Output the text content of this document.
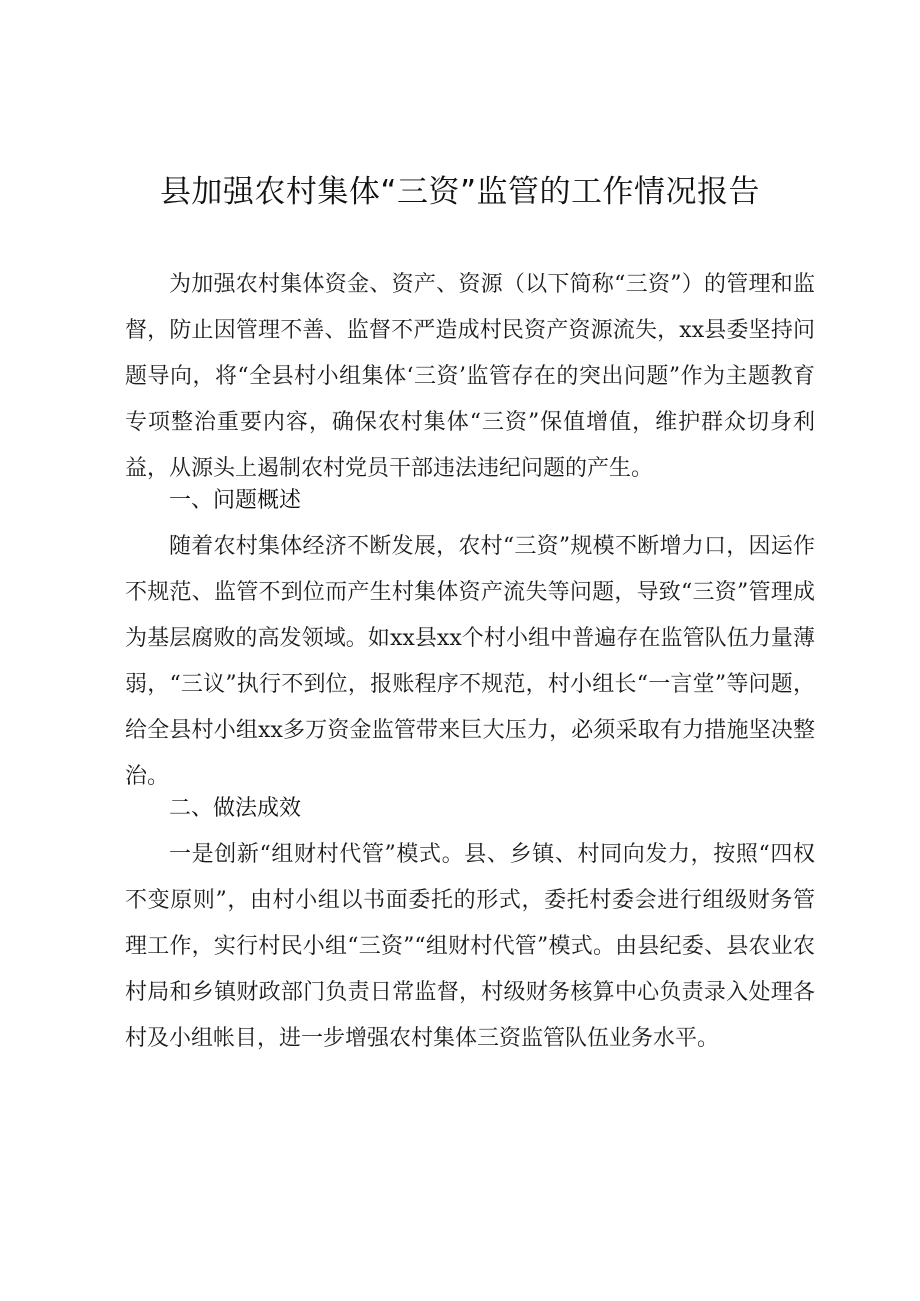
县加强农村集体“三资”监管的工作情况报告

为加强农村集体资金、资产、资源（以下简称“三资”）的管理和监督，防止因管理不善、监督不严造成村民资产资源流失，xx县委坚持问题导向，将“全县村小组集体‘三资’监管存在的突出问题”作为主题教育专项整治重要内容，确保农村集体“三资”保值增值，维护群众切身利益，从源头上遏制农村党员干部违法违纪问题的产生。

一、问题概述

随着农村集体经济不断发展，农村“三资”规模不断增力口，因运作不规范、监管不到位而产生村集体资产流失等问题，导致“三资”管理成为基层腐败的高发领域。如xx县xx个村小组中普遍存在监管队伍力量薄弱，“三议”执行不到位，报账程序不规范，村小组长“一言堂”等问题，给全县村小组xx多万资金监管带来巨大压力，必须采取有力措施坚决整治。

二、做法成效

一是创新“组财村代管”模式。县、乡镇、村同向发力，按照“四权不变原则”，由村小组以书面委托的形式，委托村委会进行组级财务管理工作，实行村民小组“三资”“组财村代管”模式。由县纪委、县农业农村局和乡镇财政部门负责日常监督，村级财务核算中心负责录入处理各村及小组帐目，进一步增强农村集体三资监管队伍业务水平。
